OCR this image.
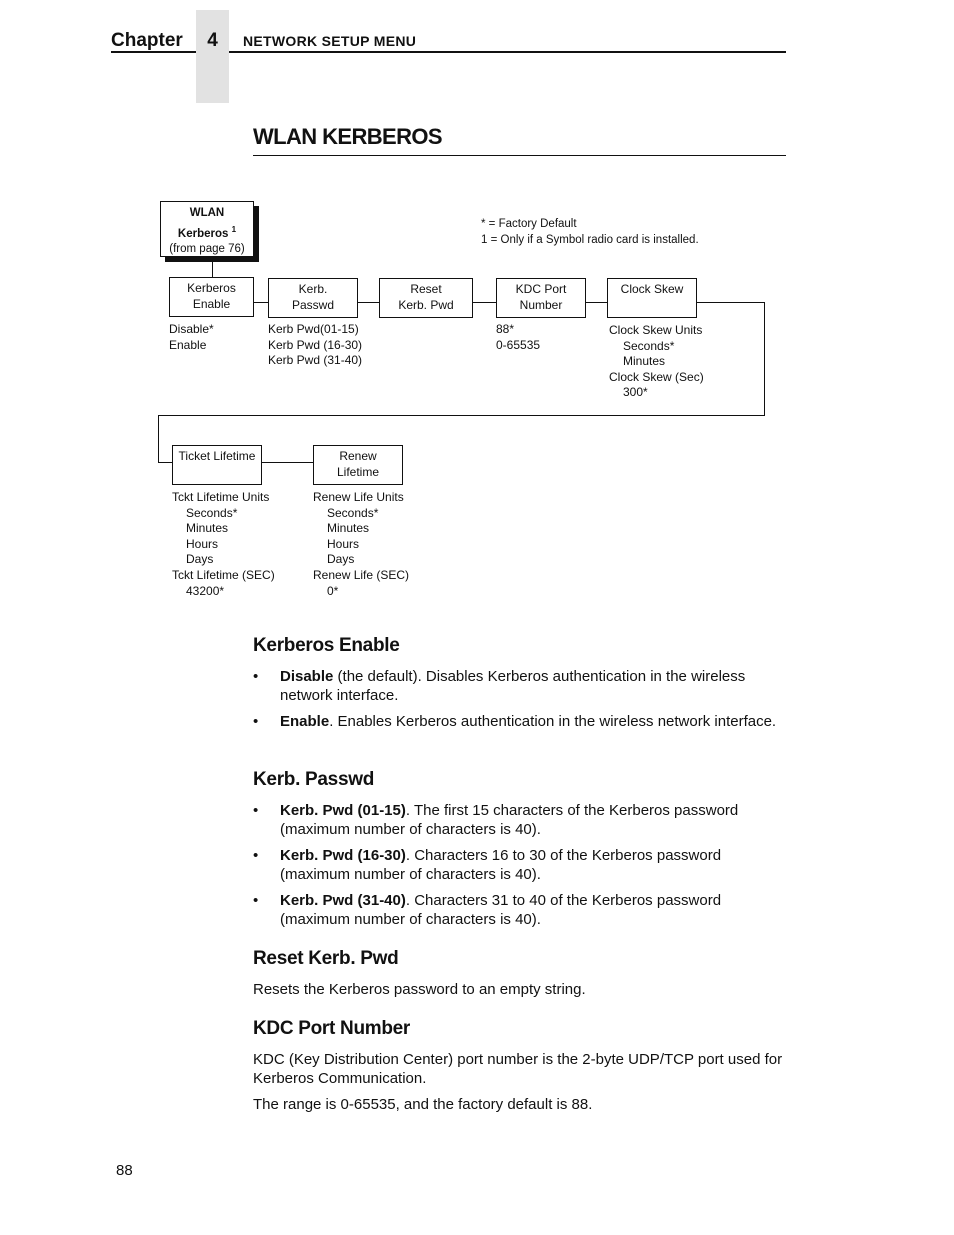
Chapter	4	NETWORK SETUP MENU
WLAN KERBEROS
WLAN
Kerberos $^1$
(from page 76)
* = Factory Default
1 = Only if a Symbol radio card is installed.
Kerberos
Enable
Kerb.
Passwd
Reset
Kerb. Pwd
KDC Port
Number
Clock Skew
Disable*
Enable
Kerb Pwd(01-15)
Kerb Pwd (16-30)
Kerb Pwd (31-40)
88*
0-65535
Clock Skew Units
Seconds*
Minutes
Clock Skew (Sec)
300*
Ticket Lifetime	Renew
Lifetime
Tckt Lifetime Units
Seconds*
Minutes
Hours
Days
Tckt Lifetime (SEC)
43200*
Renew Life Units
Seconds*
Minutes
Hours
Days
Renew Life (SEC)
0*
Kerberos Enable
• Disable (the default). Disables Kerberos authentication in the wireless network interface.
• Enable. Enables Kerberos authentication in the wireless network interface.
Kerb. Passwd
• Kerb. Pwd (01-15). The first 15 characters of the Kerberos password (maximum number of characters is 40).
• Kerb. Pwd (16-30). Characters 16 to 30 of the Kerberos password (maximum number of characters is 40).
• Kerb. Pwd (31-40). Characters 31 to 40 of the Kerberos password (maximum number of characters is 40).
Reset Kerb. Pwd
Resets the Kerberos password to an empty string.
KDC Port Number
KDC (Key Distribution Center) port number is the 2-byte UDP/TCP port used for Kerberos Communication.
The range is 0-65535, and the factory default is 88.
88
